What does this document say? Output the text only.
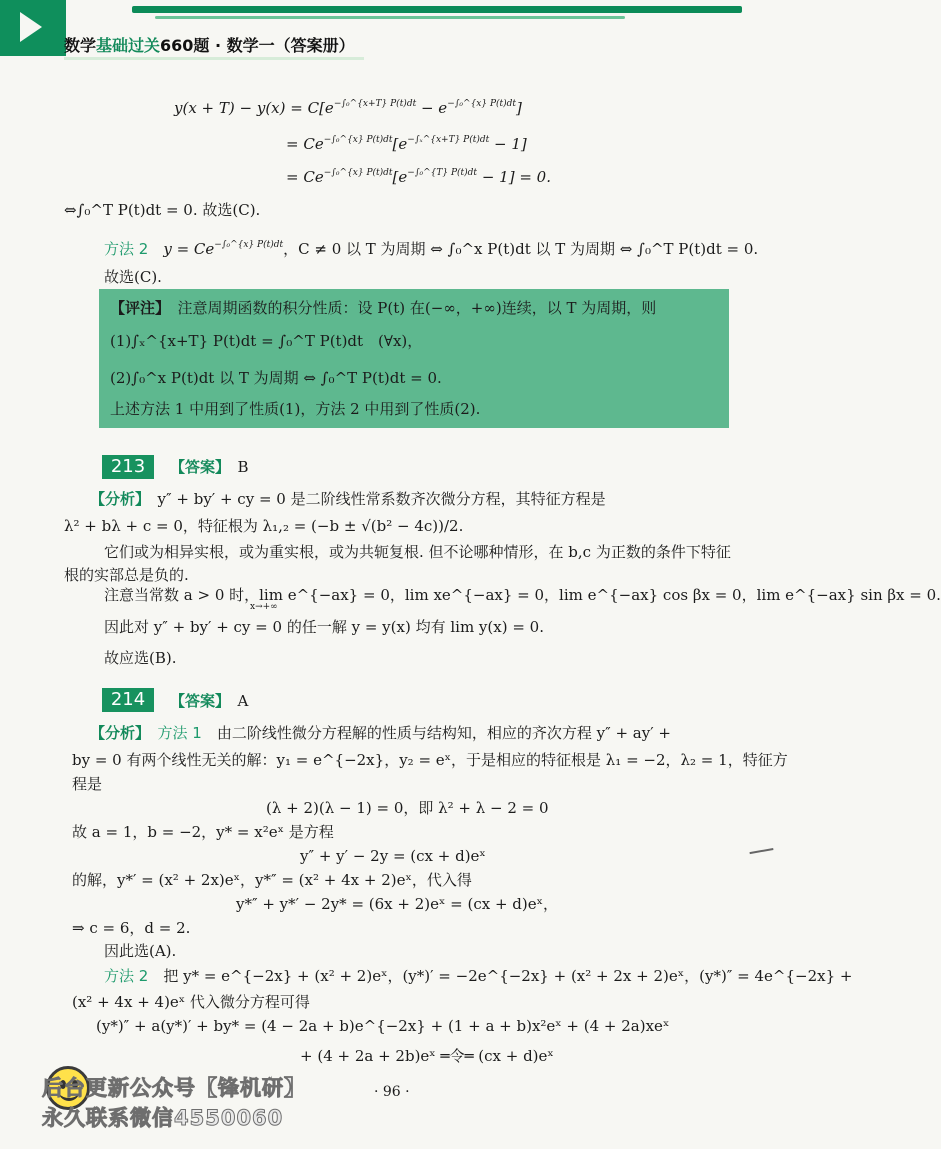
数学基础过关660题 · 数学一（答案册）
$y(x + T) - y(x) = C[e^{-\int_0\^{}\{x+T\} P(t)dt} - e^{-\int_0\^{}\{x\} P(t)dt}]$
= $Ce^{-\int_0\^{}\{x\} P(t)dt}[e^{-\int_x\^{}\{x+T\} P(t)dt} - 1]$
= $Ce^{-\int_0\^{}\{x\} P(t)dt}[e^{-\int_0\^{}\{T\} P(t)dt} - 1] = 0$.
⇔∫₀^T P(t)dt = 0. 故选(C).
方法 2　 $y = Ce^{-\int_0\^{}\{x\} P(t)dt}$，C ≠ 0 以 T 为周期 ⇔ ∫₀^x P(t)dt 以 T 为周期 ⇔ ∫₀^T P(t)dt = 0.
故选(C).
【评注】　 注意周期函数的积分性质：设 P(t) 在(−∞，+∞)连续，以 T 为周期，则
(1)∫ₓ^{x+T} P(t)dt = ∫₀^T P(t)dt　(∀x)，
(2)∫₀^x P(t)dt 以 T 为周期 ⇔ ∫₀^T P(t)dt = 0.
上述方法 1 中用到了性质(1)，方法 2 中用到了性质(2).
213	【答案】　 B
【分析】　 y″ + by′ + cy = 0 是二阶线性常系数齐次微分方程，其特征方程是
λ² + bλ + c = 0，特征根为 λ₁,₂ = (−b ± √(b² − 4c))/2.
它们或为相异实根，或为重实根，或为共轭复根. 但不论哪种情形，在 b,c 为正数的条件下特征
根的实部总是负的.
注意当常数 a > 0 时，lim e^{−ax} = 0，lim xe^{−ax} = 0，lim e^{−ax} cos βx = 0，lim e^{−ax} sin βx = 0.
x→+∞
因此对 y″ + by′ + cy = 0 的任一解 y = y(x) 均有 lim y(x) = 0.
故应选(B).
214	【答案】　 A
【分析】　 方法 1　 由二阶线性微分方程解的性质与结构知，相应的齐次方程 y″ + ay′ +
by = 0 有两个线性无关的解：y₁ = e^{−2x}，y₂ = eˣ，于是相应的特征根是 λ₁ = −2，λ₂ = 1，特征方
程是
(λ + 2)(λ − 1) = 0，即 λ² + λ − 2 = 0
故 a = 1，b = −2，y* = x²eˣ 是方程
y″ + y′ − 2y = (cx + d)eˣ
的解，y*′ = (x² + 2x)eˣ，y*″ = (x² + 4x + 2)eˣ，代入得
y*″ + y*′ − 2y* = (6x + 2)eˣ = (cx + d)eˣ，
⇒ c = 6，d = 2.
因此选(A).
方法 2　 把 y* = e^{−2x} + (x² + 2)eˣ，(y*)′ = −2e^{−2x} + (x² + 2x + 2)eˣ，(y*)″ = 4e^{−2x} +
(x² + 4x + 4)eˣ 代入微分方程可得
(y*)″ + a(y*)′ + by* = (4 − 2a + b)e^{−2x} + (1 + a + b)x²eˣ + (4 + 2a)xeˣ
+ (4 + 2a + 2b)eˣ ═令═ (cx + d)eˣ
后台更新公众号【锋机研】
永久联系微信4550060
· 96 ·
